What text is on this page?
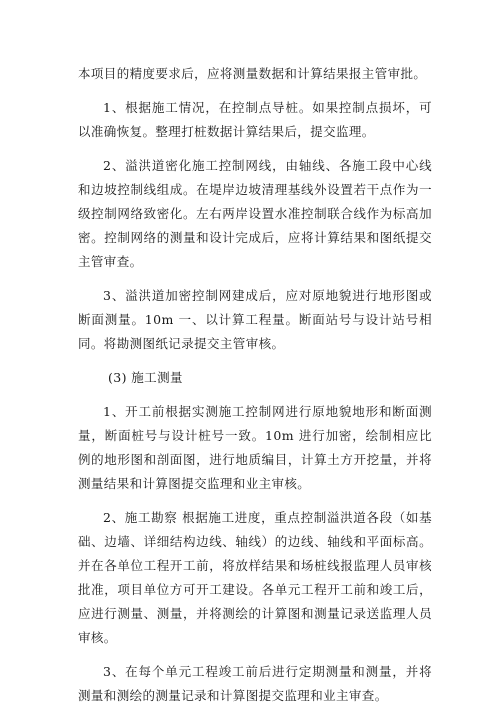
本项目的精度要求后，应将测量数据和计算结果报主管审批。

1、根据施工情况，在控制点导桩。如果控制点损坏，可以准确恢复。整理打桩数据计算结果后，提交监理。

2、溢洪道密化施工控制网线，由轴线、各施工段中心线和边坡控制线组成。在堤岸边坡清理基线外设置若干点作为一级控制网络致密化。左右两岸设置水准控制联合线作为标高加密。控制网络的测量和设计完成后，应将计算结果和图纸提交主管审查。

3、溢洪道加密控制网建成后，应对原地貌进行地形图或断面测量。10m 一、以计算工程量。断面站号与设计站号相同。将勘测图纸记录提交主管审核。

(3) 施工测量

1、开工前根据实测施工控制网进行原地貌地形和断面测量，断面桩号与设计桩号一致。10m 进行加密，绘制相应比例的地形图和剖面图，进行地质编目，计算土方开挖量，并将测量结果和计算图提交监理和业主审核。

2、施工勘察 根据施工进度，重点控制溢洪道各段（如基础、边墙、详细结构边线、轴线）的边线、轴线和平面标高。并在各单位工程开工前，将放样结果和场桩线报监理人员审核批准，项目单位方可开工建设。各单元工程开工前和竣工后，应进行测量、测量，并将测绘的计算图和测量记录送监理人员审核。

3、在每个单元工程竣工前后进行定期测量和测量，并将测量和测绘的测量记录和计算图提交监理和业主审查。
